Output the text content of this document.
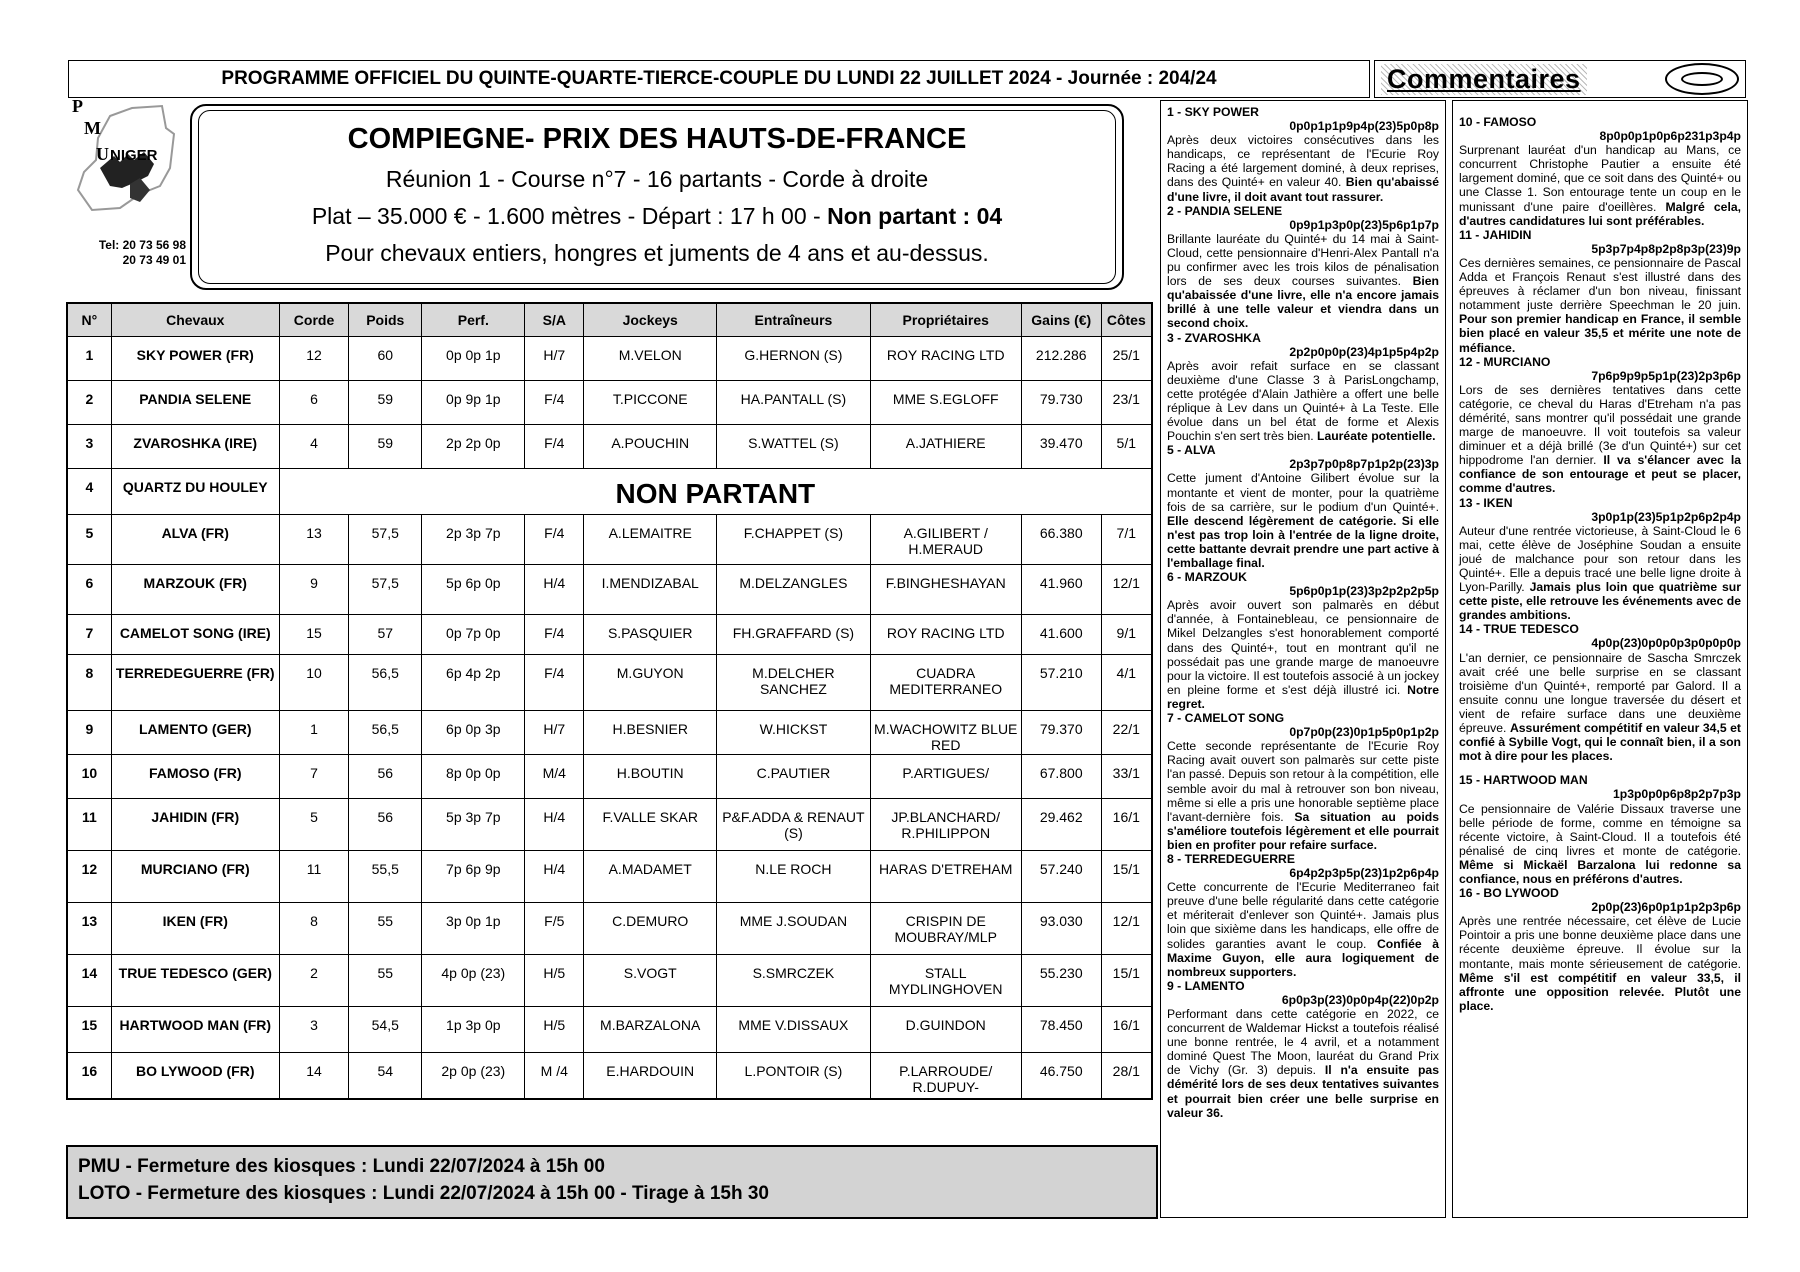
PROGRAMME OFFICIEL DU QUINTE-QUARTE-TIERCE-COUPLE DU LUNDI 22 JUILLET 2024 - Journée : 204/24	Commentaires
P
M
U NIGER
Tel: 20 73 56 98
20 73 49 01
COMPIEGNE- PRIX DES HAUTS-DE-FRANCE
Réunion 1 - Course n°7 - 16 partants - Corde à droite
Plat – 35.000 € - 1.600 mètres - Départ : 17 h 00 - Non partant : 04
Pour chevaux entiers, hongres et juments de 4 ans et au-dessus.
N°	Chevaux	Corde	Poids	Perf.	S/A	Jockeys	Entraîneurs	Propriétaires	Gains (€)	Côtes
1	SKY POWER (FR)	12	60	0p 0p 1p	H/7	M.VELON	G.HERNON (S)	ROY RACING LTD	212.286	25/1
2	PANDIA SELENE	6	59	0p 9p 1p	F/4	T.PICCONE	HA.PANTALL (S)	MME S.EGLOFF	79.730	23/1
3	ZVAROSHKA (IRE)	4	59	2p 2p 0p	F/4	A.POUCHIN	S.WATTEL (S)	A.JATHIERE	39.470	5/1
4	QUARTZ DU HOULEY	NON PARTANT								
5	ALVA (FR)	13	57,5	2p 3p 7p	F/4	A.LEMAITRE	F.CHAPPET (S)	A.GILIBERT / H.MERAUD	66.380	7/1
6	MARZOUK (FR)	9	57,5	5p 6p 0p	H/4	I.MENDIZABAL	M.DELZANGLES	F.BINGHESHAYAN	41.960	12/1
7	CAMELOT SONG (IRE)	15	57	0p 7p 0p	F/4	S.PASQUIER	FH.GRAFFARD (S)	ROY RACING LTD	41.600	9/1
8	TERREDEGUERRE (FR)	10	56,5	6p 4p 2p	F/4	M.GUYON	M.DELCHER SANCHEZ	CUADRA MEDITERRANEO	57.210	4/1
9	LAMENTO (GER)	1	56,5	6p 0p 3p	H/7	H.BESNIER	W.HICKST	M.WACHOWITZ BLUE RED	79.370	22/1
10	FAMOSO (FR)	7	56	8p 0p 0p	M/4	H.BOUTIN	C.PAUTIER	P.ARTIGUES/	67.800	33/1
11	JAHIDIN (FR)	5	56	5p 3p 7p	H/4	F.VALLE SKAR	P&F.ADDA & RENAUT (S)	JP.BLANCHARD/ R.PHILIPPON	29.462	16/1
12	MURCIANO (FR)	11	55,5	7p 6p 9p	H/4	A.MADAMET	N.LE ROCH	HARAS D'ETREHAM	57.240	15/1
13	IKEN (FR)	8	55	3p 0p 1p	F/5	C.DEMURO	MME J.SOUDAN	CRISPIN DE MOUBRAY/MLP	93.030	12/1
14	TRUE TEDESCO (GER)	2	55	4p 0p (23)	H/5	S.VOGT	S.SMRCZEK	STALL MYDLINGHOVEN	55.230	15/1
15	HARTWOOD MAN (FR)	3	54,5	1p 3p 0p	H/5	M.BARZALONA	MME V.DISSAUX	D.GUINDON	78.450	16/1
16	BO LYWOOD (FR)	14	54	2p 0p (23)	M /4	E.HARDOUIN	L.PONTOIR (S)	P.LARROUDE/ R.DUPUY-	46.750	28/1
PMU - Fermeture des kiosques : Lundi 22/07/2024 à 15h 00
LOTO - Fermeture des kiosques : Lundi 22/07/2024 à 15h 00 - Tirage à 15h 30
1 - SKY POWER
0p0p1p1p9p4p(23)5p0p8p
Après deux victoires consécutives dans les handicaps, ce représentant de l'Ecurie Roy Racing a été largement dominé, à deux reprises, dans des Quinté+ en valeur 40. Bien qu'abaissé d'une livre, il doit avant tout rassurer.
2 - PANDIA SELENE
0p9p1p3p0p(23)5p6p1p7p
Brillante lauréate du Quinté+ du 14 mai à Saint-Cloud, cette pensionnaire d'Henri-Alex Pantall n'a pu confirmer avec les trois kilos de pénalisation lors de ses deux courses suivantes. Bien qu'abaissée d'une livre, elle n'a encore jamais brillé à une telle valeur et viendra dans un second choix.
3 - ZVAROSHKA
2p2p0p0p(23)4p1p5p4p2p
Après avoir refait surface en se classant deuxième d'une Classe 3 à ParisLongchamp, cette protégée d'Alain Jathière a offert une belle réplique à Lev dans un Quinté+ à La Teste. Elle évolue dans un bel état de forme et Alexis Pouchin s'en sert très bien. Lauréate potentielle.
5 - ALVA
2p3p7p0p8p7p1p2p(23)3p
Cette jument d'Antoine Gilibert évolue sur la montante et vient de monter, pour la quatrième fois de sa carrière, sur le podium d'un Quinté+. Elle descend légèrement de catégorie. Si elle n'est pas trop loin à l'entrée de la ligne droite, cette battante devrait prendre une part active à l'emballage final.
6 - MARZOUK
5p6p0p1p(23)3p2p2p2p5p
Après avoir ouvert son palmarès en début d'année, à Fontainebleau, ce pensionnaire de Mikel Delzangles s'est honorablement comporté dans des Quinté+, tout en montrant qu'il ne possédait pas une grande marge de manoeuvre pour la victoire. Il est toutefois associé à un jockey en pleine forme et s'est déjà illustré ici. Notre regret.
7 - CAMELOT SONG
0p7p0p(23)0p1p5p0p1p2p
Cette seconde représentante de l'Ecurie Roy Racing avait ouvert son palmarès sur cette piste l'an passé. Depuis son retour à la compétition, elle semble avoir du mal à retrouver son bon niveau, même si elle a pris une honorable septième place l'avant-dernière fois. Sa situation au poids s'améliore toutefois légèrement et elle pourrait bien en profiter pour refaire surface.
8 - TERREDEGUERRE
6p4p2p3p5p(23)1p2p6p4p
Cette concurrente de l'Ecurie Mediterraneo fait preuve d'une belle régularité dans cette catégorie et mériterait d'enlever son Quinté+. Jamais plus loin que sixième dans les handicaps, elle offre de solides garanties avant le coup. Confiée à Maxime Guyon, elle aura logiquement de nombreux supporters.
9 - LAMENTO
6p0p3p(23)0p0p4p(22)0p2p
Performant dans cette catégorie en 2022, ce concurrent de Waldemar Hickst a toutefois réalisé une bonne rentrée, le 4 avril, et a notamment dominé Quest The Moon, lauréat du Grand Prix de Vichy (Gr. 3) depuis. Il n'a ensuite pas démérité lors de ses deux tentatives suivantes et pourrait bien créer une belle surprise en valeur 36.
10 - FAMOSO
8p0p0p1p0p6p231p3p4p
Surprenant lauréat d'un handicap au Mans, ce concurrent Christophe Pautier a ensuite été largement dominé, que ce soit dans des Quinté+ ou une Classe 1. Son entourage tente un coup en le munissant d'une paire d'oeillères. Malgré cela, d'autres candidatures lui sont préférables.
11 - JAHIDIN
5p3p7p4p8p2p8p3p(23)9p
Ces dernières semaines, ce pensionnaire de Pascal Adda et François Renaut s'est illustré dans des épreuves à réclamer d'un bon niveau, finissant notamment juste derrière Speechman le 20 juin. Pour son premier handicap en France, il semble bien placé en valeur 35,5 et mérite une note de méfiance.
12 - MURCIANO
7p6p9p9p5p1p(23)2p3p6p
Lors de ses dernières tentatives dans cette catégorie, ce cheval du Haras d'Etreham n'a pas démérité, sans montrer qu'il possédait une grande marge de manoeuvre. Il voit toutefois sa valeur diminuer et a déjà brillé (3e d'un Quinté+) sur cet hippodrome l'an dernier. Il va s'élancer avec la confiance de son entourage et peut se placer, comme d'autres.
13 - IKEN
3p0p1p(23)5p1p2p6p2p4p
Auteur d'une rentrée victorieuse, à Saint-Cloud le 6 mai, cette élève de Joséphine Soudan a ensuite joué de malchance pour son retour dans les Quinté+. Elle a depuis tracé une belle ligne droite à Lyon-Parilly. Jamais plus loin que quatrième sur cette piste, elle retrouve les événements avec de grandes ambitions.
14 - TRUE TEDESCO
4p0p(23)0p0p0p3p0p0p0p
L'an dernier, ce pensionnaire de Sascha Smrczek avait créé une belle surprise en se classant troisième d'un Quinté+, remporté par Galord. Il a ensuite connu une longue traversée du désert et vient de refaire surface dans une deuxième épreuve. Assurément compétitif en valeur 34,5 et confié à Sybille Vogt, qui le connaît bien, il a son mot à dire pour les places.
15 - HARTWOOD MAN
1p3p0p0p6p8p2p7p3p
Ce pensionnaire de Valérie Dissaux traverse une belle période de forme, comme en témoigne sa récente victoire, à Saint-Cloud. Il a toutefois été pénalisé de cinq livres et monte de catégorie. Même si Mickaël Barzalona lui redonne sa confiance, nous en préférons d'autres.
16 - BO LYWOOD
2p0p(23)6p0p1p1p2p3p6p
Après une rentrée nécessaire, cet élève de Lucie Pointoir a pris une bonne deuxième place dans une récente deuxième épreuve. Il évolue sur la montante, mais monte sérieusement de catégorie. Même s'il est compétitif en valeur 33,5, il affronte une opposition relevée. Plutôt une place.
